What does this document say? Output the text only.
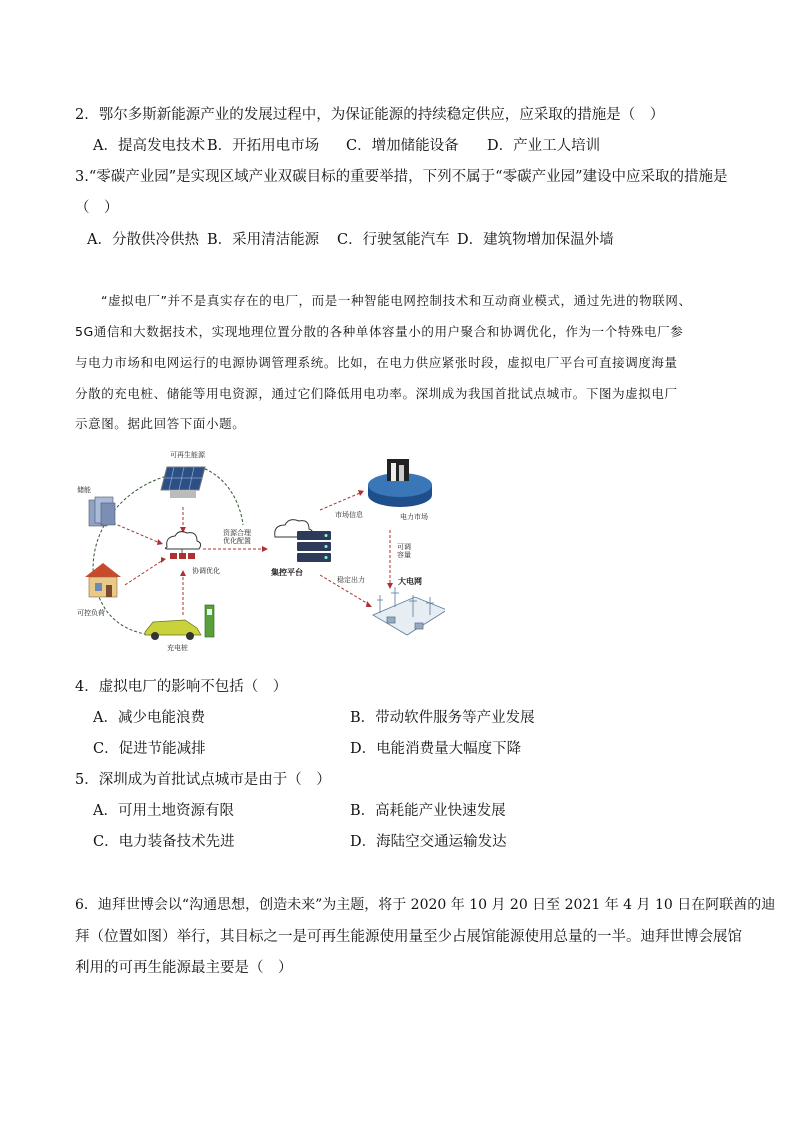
2．鄂尔多斯新能源产业的发展过程中，为保证能源的持续稳定供应，应采取的措施是（　）
A．提高发电技术 B．开拓用电市场 C．增加储能设备 D．产业工人培训
3.“零碳产业园”是实现区域产业双碳目标的重要举措，下列不属于“零碳产业园”建设中应采取的措施是
（　）
A．分散供冷供热 B．采用清洁能源 C．行驶氢能汽车 D．建筑物增加保温外墙
“虚拟电厂”并不是真实存在的电厂，而是一种智能电网控制技术和互动商业模式，通过先进的物联网、
5G通信和大数据技术，实现地理位置分散的各种单体容量小的用户聚合和协调优化，作为一个特殊电厂参
与电力市场和电网运行的电源协调管理系统。比如，在电力供应紧张时段，虚拟电厂平台可直接调度海量
分散的充电桩、储能等用电资源，通过它们降低用电功率。深圳成为我国首批试点城市。下图为虚拟电厂
示意图。据此回答下面小题。
可再生能源
储能
可控负荷
充电桩
协调优化
资源合理
优化配置
集控平台
市场信息	电力市场
可调
容量
稳定出力	大电网
4．虚拟电厂的影响不包括（　）
A．减少电能浪费	B．带动软件服务等产业发展
C．促进节能减排	D．电能消费量大幅度下降
5．深圳成为首批试点城市是由于（　）
A．可用土地资源有限	B．高耗能产业快速发展
C．电力装备技术先进	D．海陆空交通运输发达
6．迪拜世博会以“沟通思想，创造未来”为主题，将于 2020 年 10 月 20 日至 2021 年 4 月 10 日在阿联酋的迪
拜（位置如图）举行，其目标之一是可再生能源使用量至少占展馆能源使用总量的一半。迪拜世博会展馆
利用的可再生能源最主要是（　）
